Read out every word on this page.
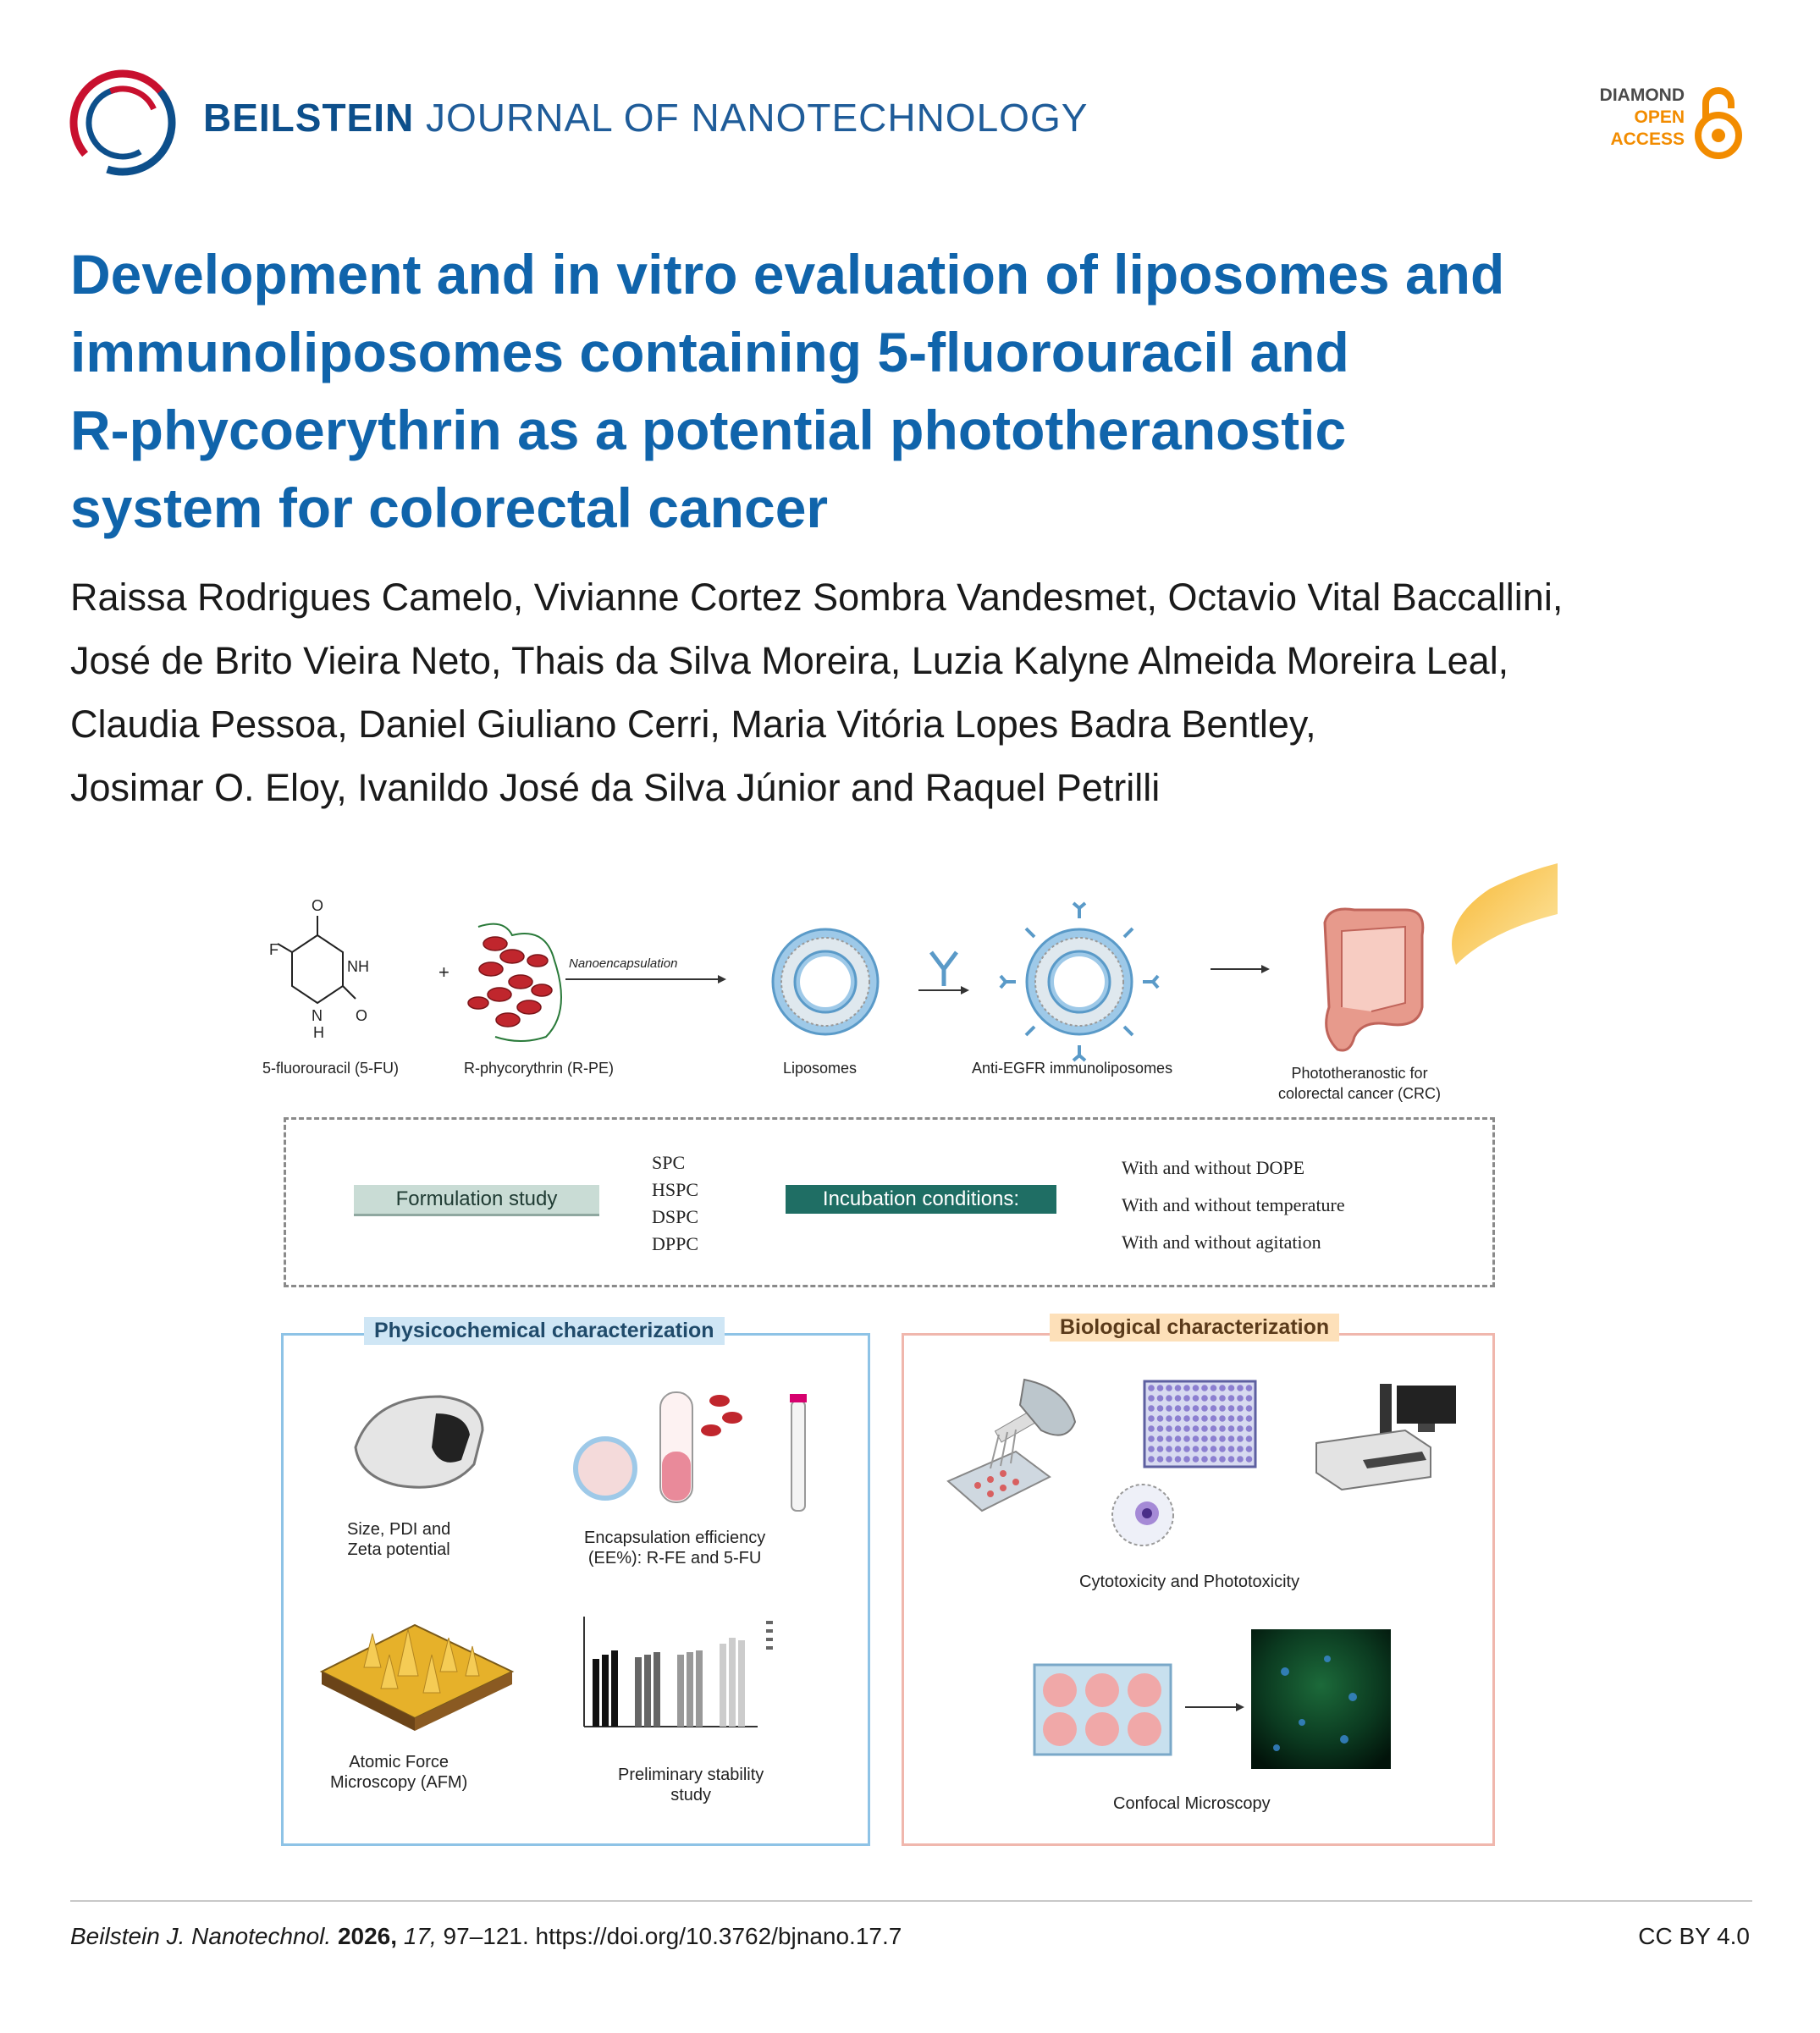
BEILSTEIN JOURNAL OF NANOTECHNOLOGY
DIAMOND
OPEN
ACCESS
Development and in vitro evaluation of liposomes and
immunoliposomes containing 5-fluorouracil and
R-phycoerythrin as a potential phototheranostic
system for colorectal cancer
Raissa Rodrigues Camelo, Vivianne Cortez Sombra Vandesmet, Octavio Vital Baccallini,
José de Brito Vieira Neto, Thais da Silva Moreira, Luzia Kalyne Almeida Moreira Leal,
Claudia Pessoa, Daniel Giuliano Cerri, Maria Vitória Lopes Badra Bentley,
Josimar O. Eloy, Ivanildo José da Silva Júnior and Raquel Petrilli
O
F
NH
N
H
O
5-fluorouracil (5-FU)
+
R-phycorythrin (R-PE)
Nanoencapsulation
Liposomes	Anti-EGFR immunoliposomes	Phototheranostic for
colorectal cancer (CRC)
Formulation study
SPC
HSPC
DSPC
DPPC
Incubation conditions:
With and without DOPE
With and without temperature
With and without agitation
Physicochemical characterization
Size, PDI and
Zeta potential
Encapsulation efficiency
(EE%): R-FE and 5-FU
Atomic Force
Microscopy (AFM)	Preliminary stability
study
Biological characterization
Cytotoxicity and Phototoxicity
Confocal Microscopy
Beilstein J. Nanotechnol. 2026, 17, 97–121. https://doi.org/10.3762/bjnano.17.7	CC BY 4.0
